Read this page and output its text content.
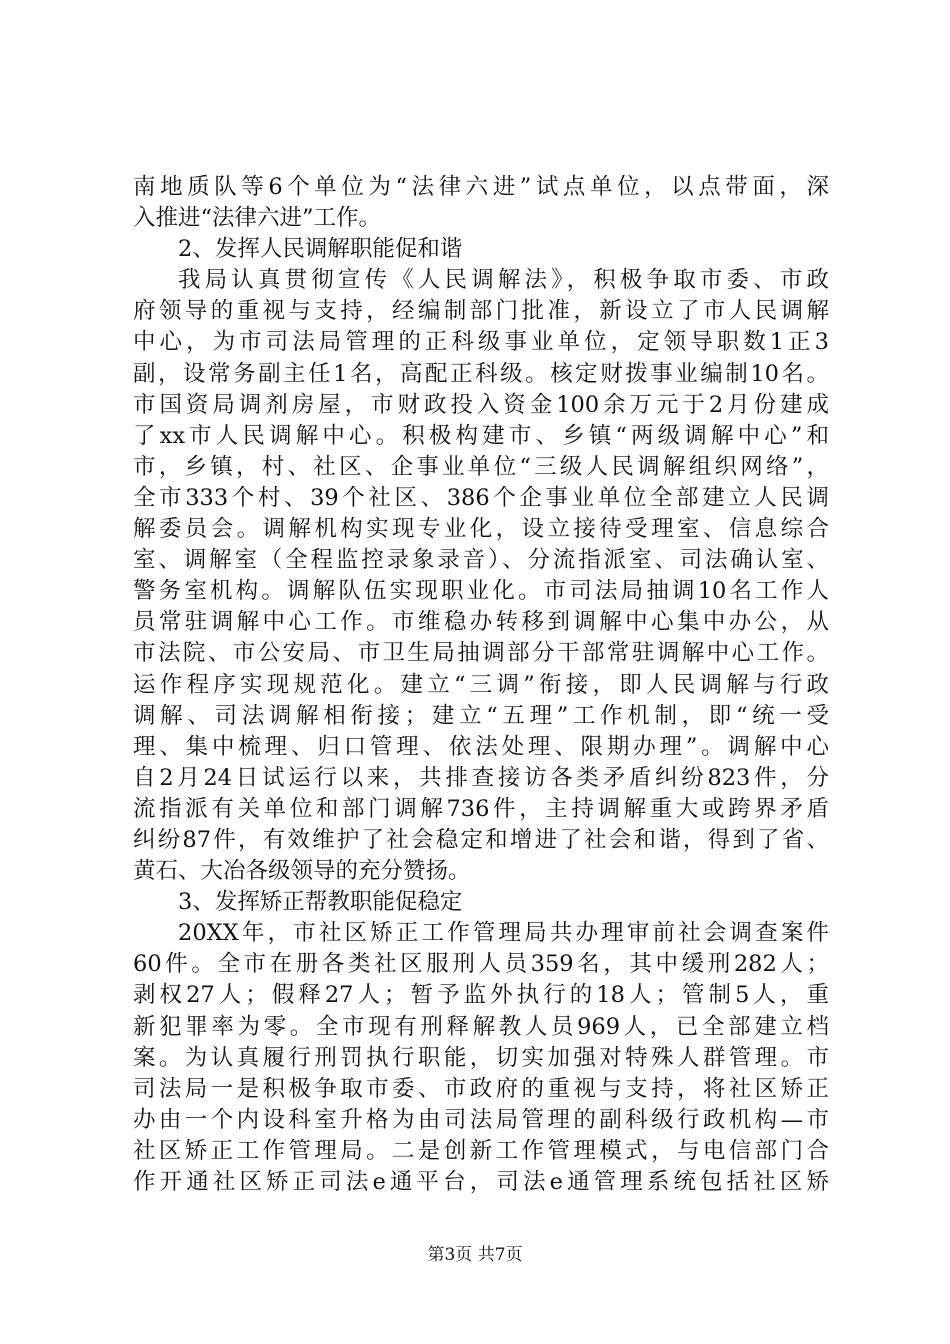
南地质队等6个单位为“法律六进”试点单位，以点带面，深
入推进“法律六进”工作。
2、发挥人民调解职能促和谐
我局认真贯彻宣传《人民调解法》，积极争取市委、市政
府领导的重视与支持，经编制部门批准，新设立了市人民调解
中心，为市司法局管理的正科级事业单位，定领导职数1正3
副，设常务副主任1名，高配正科级。核定财拨事业编制10名。
市国资局调剂房屋，市财政投入资金100余万元于2月份建成
了xx市人民调解中心。积极构建市、乡镇“两级调解中心”和
市，乡镇，村、社区、企事业单位“三级人民调解组织网络”，
全市333个村、39个社区、386个企事业单位全部建立人民调
解委员会。调解机构实现专业化，设立接待受理室、信息综合
室、调解室（全程监控录象录音）、分流指派室、司法确认室、
警务室机构。调解队伍实现职业化。市司法局抽调10名工作人
员常驻调解中心工作。市维稳办转移到调解中心集中办公，从
市法院、市公安局、市卫生局抽调部分干部常驻调解中心工作。
运作程序实现规范化。建立“三调”衔接，即人民调解与行政
调解、司法调解相衔接；建立“五理”工作机制，即“统一受
理、集中梳理、归口管理、依法处理、限期办理”。调解中心
自2月24日试运行以来，共排查接访各类矛盾纠纷823件，分
流指派有关单位和部门调解736件，主持调解重大或跨界矛盾
纠纷87件，有效维护了社会稳定和增进了社会和谐，得到了省、
黄石、大冶各级领导的充分赞扬。
3、发挥矫正帮教职能促稳定
20XX年，市社区矫正工作管理局共办理审前社会调查案件
60件。全市在册各类社区服刑人员359名，其中缓刑282人；
剥权27人；假释27人；暂予监外执行的18人；管制5人，重
新犯罪率为零。全市现有刑释解教人员969人，已全部建立档
案。为认真履行刑罚执行职能，切实加强对特殊人群管理。市
司法局一是积极争取市委、市政府的重视与支持，将社区矫正
办由一个内设科室升格为由司法局管理的副科级行政机构—市
社区矫正工作管理局。二是创新工作管理模式，与电信部门合
作开通社区矫正司法e通平台，司法e通管理系统包括社区矫
第3页 共7页
